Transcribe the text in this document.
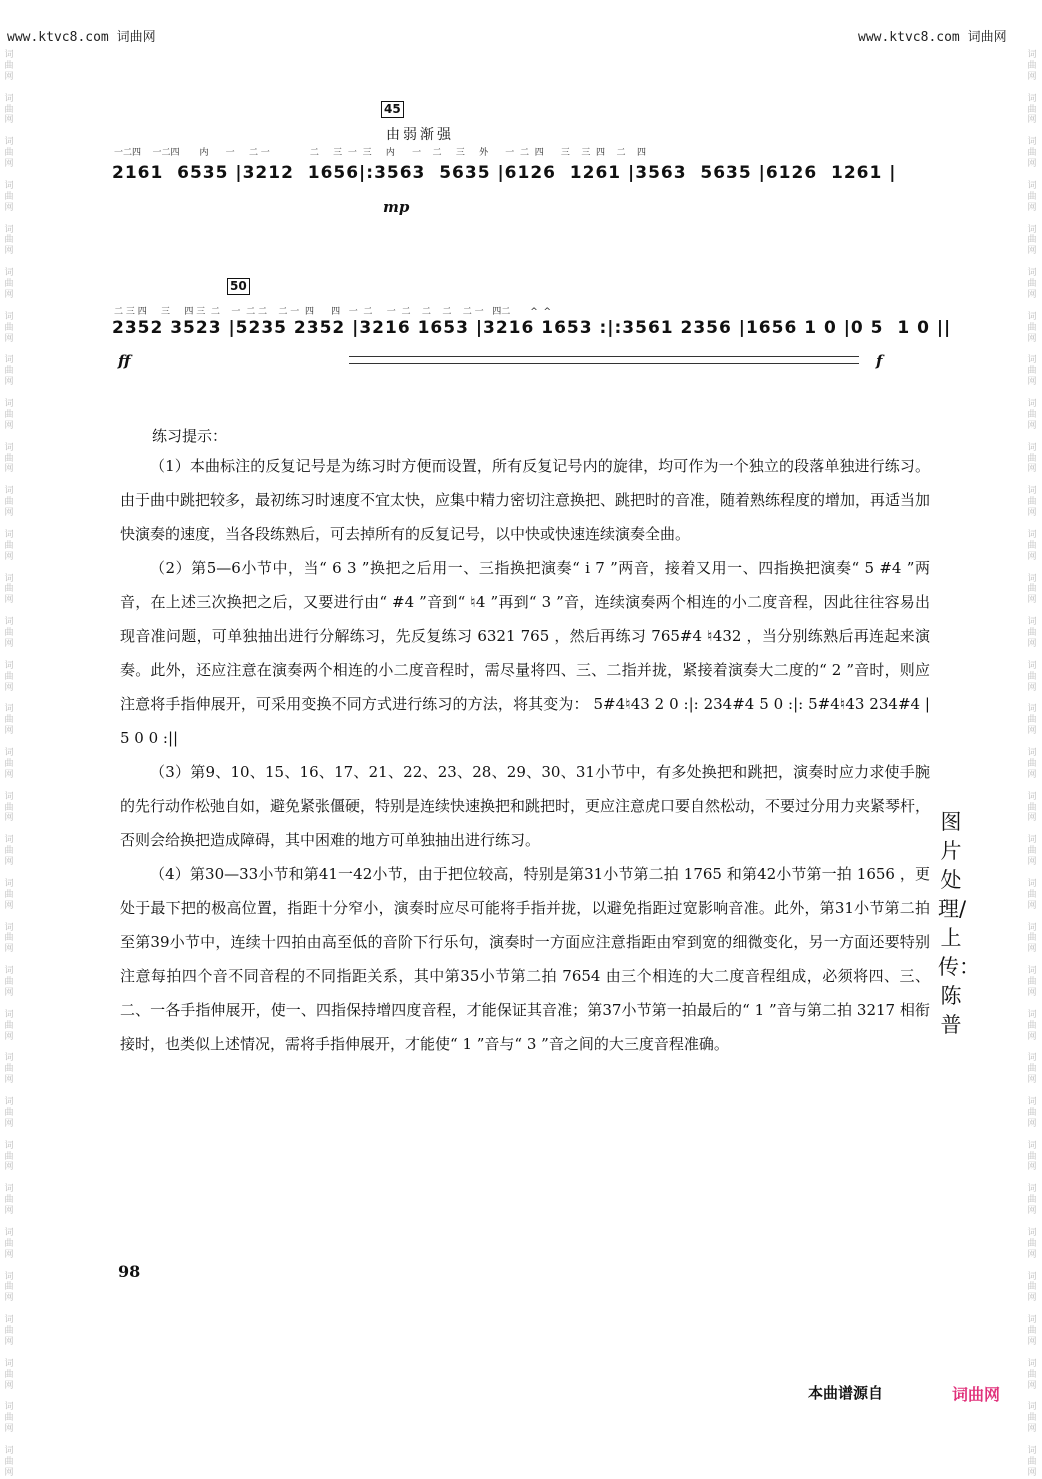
词
曲
网

词
曲
网

词
曲
网

词
曲
网

词
曲
网

词
曲
网

词
曲
网

词
曲
网

词
曲
网

词
曲
网

词
曲
网

词
曲
网

词
曲
网

词
曲
网

词
曲
网

词
曲
网

词
曲
网

词
曲
网

词
曲
网

词
曲
网

词
曲
网

词
曲
网

词
曲
网

词
曲
网

词
曲
网

词
曲
网

词
曲
网

词
曲
网

词
曲
网

词
曲
网

词
曲
网

词
曲
网

词
曲
网
词
曲
网

词
曲
网

词
曲
网

词
曲
网

词
曲
网

词
曲
网

词
曲
网

词
曲
网

词
曲
网

词
曲
网

词
曲
网

词
曲
网

词
曲
网

词
曲
网

词
曲
网

词
曲
网

词
曲
网

词
曲
网

词
曲
网

词
曲
网

词
曲
网

词
曲
网

词
曲
网

词
曲
网

词
曲
网

词
曲
网

词
曲
网

词
曲
网

词
曲
网

词
曲
网

词
曲
网

词
曲
网

词
曲
网
www.ktvc8.com 词曲网	www.ktvc8.com 词曲网
45
由弱渐强
一二四    一二四       内      一     二 一              二     三  一  三     内      一    二     三     外      一  二  四      三    三  四    二    四
2161  6535 |3212  1656|:3563  5635 |6126  1261 |3563  5635 |6126  1261 |
mp
50
二 三 四     三     四 三  二    一  二 二    二 一  四      四   一  二     一  二    二    二    二 一   四二       ^  ^
2352 3523 |5235 2352 |3216 1653 |3216 1653 :|:3561 2356 |1656 1 0 |0 5  1 0 ||
ff	f
练习提示：

（1）本曲标注的反复记号是为练习时方便而设置，所有反复记号内的旋律，均可作为一个独立的段落单独进行练习。由于曲中跳把较多，最初练习时速度不宜太快，应集中精力密切注意换把、跳把时的音准，随着熟练程度的增加，再适当加快演奏的速度，当各段练熟后，可去掉所有的反复记号，以中快或快速连续演奏全曲。

（2）第5—6小节中，当“ 6 3 ”换把之后用一、三指换把演奏“ i 7 ”两音，接着又用一、四指换把演奏“ 5 #4 ”两音，在上述三次换把之后，又要进行由“ #4 ”音到“ ♮4 ”再到“ 3 ”音，连续演奏两个相连的小二度音程，因此往往容易出现音准问题，可单独抽出进行分解练习，先反复练习 6321 765 ，然后再练习 765#4 ♮432 ，当分别练熟后再连起来演奏。此外，还应注意在演奏两个相连的小二度音程时，需尽量将四、三、二指并拢，紧接着演奏大二度的“ 2 ”音时，则应注意将手指伸展开，可采用变换不同方式进行练习的方法，将其变为： 5#4♮43 2 0 :|: 234#4 5 0 :|: 5#4♮43 234#4 | 5 0 0 :||

（3）第9、10、15、16、17、21、22、23、28、29、30、31小节中，有多处换把和跳把，演奏时应力求使手腕的先行动作松弛自如，避免紧张僵硬，特别是连续快速换把和跳把时，更应注意虎口要自然松动，不要过分用力夹紧琴杆，否则会给换把造成障碍，其中困难的地方可单独抽出进行练习。

（4）第30—33小节和第41一42小节，由于把位较高，特别是第31小节第二拍 1765 和第42小节第一拍 1656 ，更处于最下把的极高位置，指距十分窄小，演奏时应尽可能将手指并拢，以避免指距过宽影响音准。此外，第31小节第二拍至第39小节中，连续十四拍由高至低的音阶下行乐句，演奏时一方面应注意指距由窄到宽的细微变化，另一方面还要特别注意每拍四个音不同音程的不同指距关系，其中第35小节第二拍 7654 由三个相连的大二度音程组成，必须将四、三、二、一各手指伸展开，使一、四指保持增四度音程，才能保证其音准；第37小节第一拍最后的“ 1 ”音与第二拍 3217 相衔接时，也类似上述情况，需将手指伸展开，才能使“ 1 ”音与“ 3 ”音之间的大三度音程准确。

图片处理/上传：陈普
98
本曲谱源自	词曲网
